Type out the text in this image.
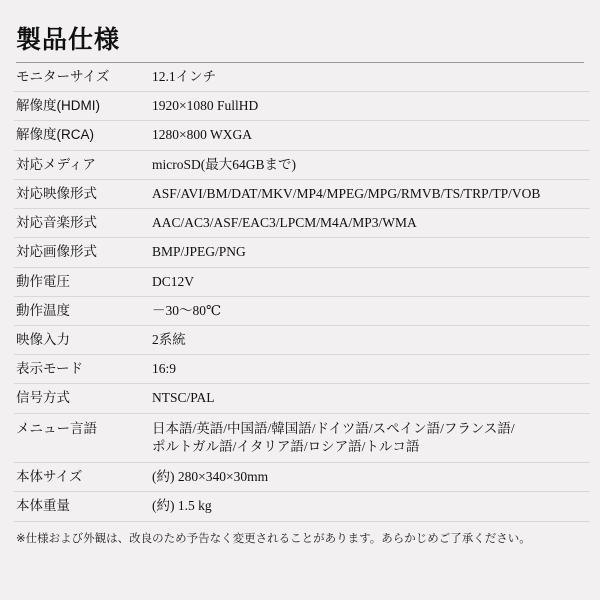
製品仕様
モニターサイズ	12.1インチ
解像度(HDMI)	1920×1080 FullHD
解像度(RCA)	1280×800 WXGA
対応メディア	microSD(最大64GBまで)
対応映像形式	ASF/AVI/BM/DAT/MKV/MP4/MPEG/MPG/RMVB/TS/TRP/TP/VOB
対応音楽形式	AAC/AC3/ASF/EAC3/LPCM/M4A/MP3/WMA
対応画像形式	BMP/JPEG/PNG
動作電圧	DC12V
動作温度	－30〜80℃
映像入力	2系統
表示モード	16:9
信号方式	NTSC/PAL
メニュー言語	日本語/英語/中国語/韓国語/ドイツ語/スペイン語/フランス語/
ポルトガル語/イタリア語/ロシア語/トルコ語

本体サイズ	(約) 280×340×30mm
本体重量	(約) 1.5 kg
※仕様および外観は、改良のため予告なく変更されることがあります。あらかじめご了承ください。
